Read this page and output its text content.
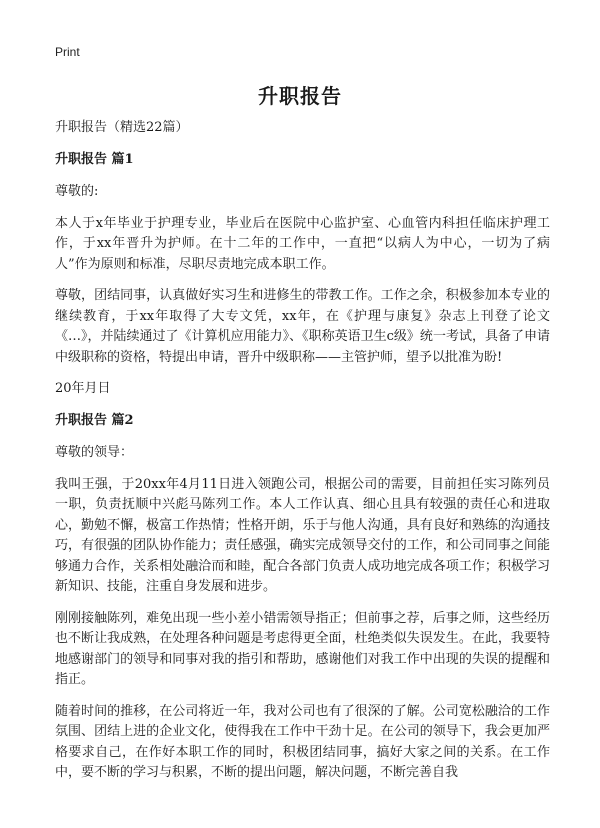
Print
升职报告

升职报告（精选22篇）

升职报告 篇1

尊敬的:

本人于x年毕业于护理专业，毕业后在医院中心监护室、心血管内科担任临床护理工作，于xx年晋升为护师。在十二年的工作中，一直把“以病人为中心，一切为了病人”作为原则和标准，尽职尽责地完成本职工作。

尊敬，团结同事，认真做好实习生和进修生的带教工作。工作之余，积极参加本专业的继续教育，于xx年取得了大专文凭，xx年，在《护理与康复》杂志上刊登了论文《…》，并陆续通过了《计算机应用能力》、《职称英语卫生c级》统一考试，具备了申请中级职称的资格，特提出申请，晋升中级职称——主管护师，望予以批准为盼!

20年月日

升职报告 篇2

尊敬的领导：

我叫王强，于20xx年4月11日进入领跑公司，根据公司的需要，目前担任实习陈列员一职，负责抚顺中兴彪马陈列工作。本人工作认真、细心且具有较强的责任心和进取心，勤勉不懈，极富工作热情；性格开朗，乐于与他人沟通，具有良好和熟练的沟通技巧，有很强的团队协作能力；责任感强，确实完成领导交付的工作，和公司同事之间能够通力合作，关系相处融洽而和睦，配合各部门负责人成功地完成各项工作；积极学习新知识、技能，注重自身发展和进步。

刚刚接触陈列，难免出现一些小差小错需领导指正；但前事之荐，后事之师，这些经历也不断让我成熟，在处理各种问题是考虑得更全面，杜绝类似失误发生。在此，我要特地感谢部门的领导和同事对我的指引和帮助，感谢他们对我工作中出现的失误的提醒和指正。

随着时间的推移，在公司将近一年，我对公司也有了很深的了解。公司宽松融洽的工作氛围、团结上进的企业文化，使得我在工作中干劲十足。在公司的领导下，我会更加严格要求自己，在作好本职工作的同时，积极团结同事，搞好大家之间的关系。在工作中，要不断的学习与积累，不断的提出问题，解决问题，不断完善自我
